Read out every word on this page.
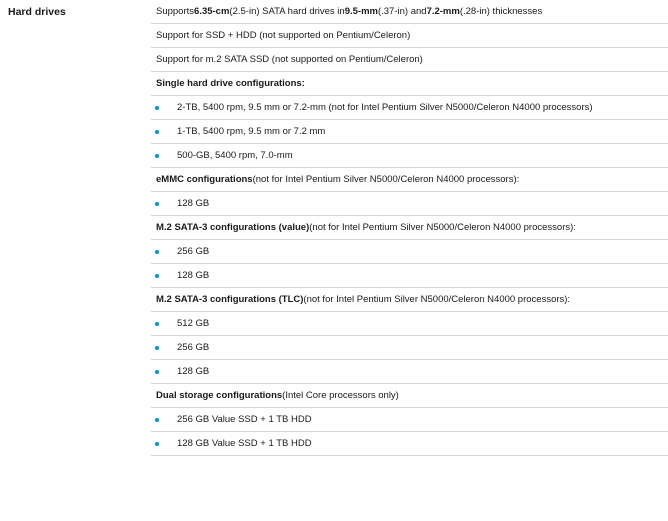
Hard drives	Supports 6.35-cm (2.5-in) SATA hard drives in 9.5-mm (.37-in) and 7.2-mm (.28-in) thicknesses
Support for SSD + HDD (not supported on Pentium/Celeron)
Support for m.2 SATA SSD (not supported on Pentium/Celeron)
Single hard drive configurations:
2-TB, 5400 rpm, 9.5 mm or 7.2-mm (not for Intel Pentium Silver N5000/Celeron N4000 processors)
1-TB, 5400 rpm, 9.5 mm or 7.2 mm
500-GB, 5400 rpm, 7.0-mm
eMMC configurations (not for Intel Pentium Silver N5000/Celeron N4000 processors):
128 GB
M.2 SATA-3 configurations (value) (not for Intel Pentium Silver N5000/Celeron N4000 processors):
256 GB
128 GB
M.2 SATA-3 configurations (TLC) (not for Intel Pentium Silver N5000/Celeron N4000 processors):
512 GB
256 GB
128 GB
Dual storage configurations (Intel Core processors only)
256 GB Value SSD + 1 TB HDD
128 GB Value SSD + 1 TB HDD
